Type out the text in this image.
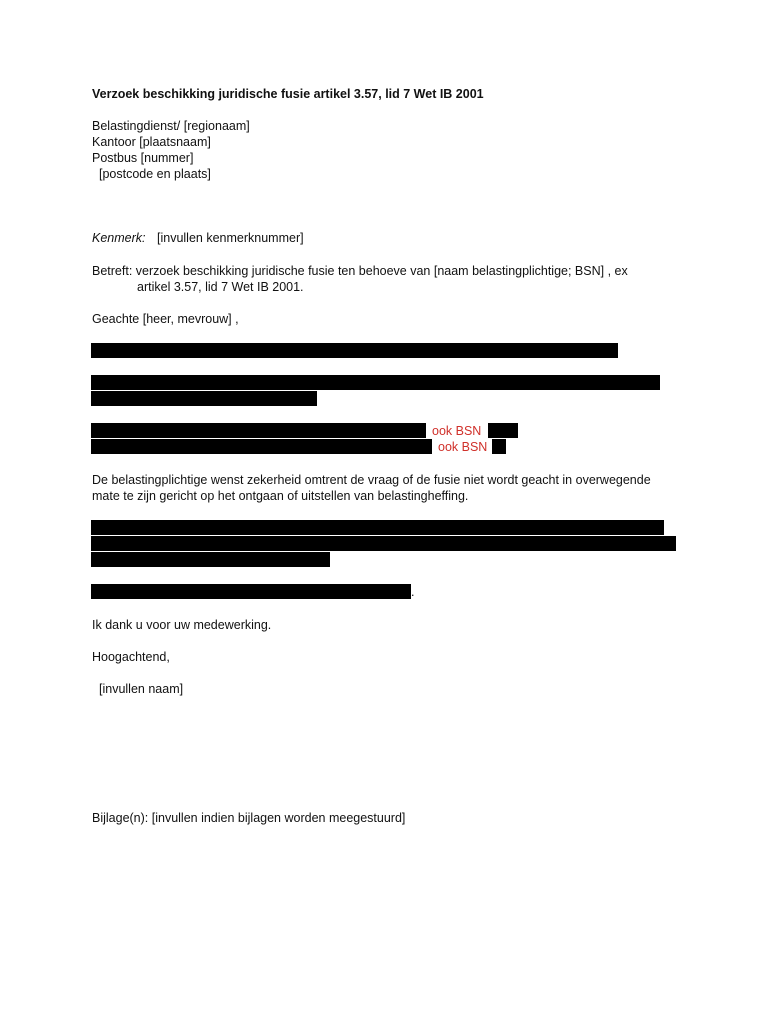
Verzoek beschikking juridische fusie artikel 3.57, lid 7 Wet IB 2001
Belastingdienst/ [regionaam]
Kantoor [plaatsnaam]
Postbus [nummer]
[postcode en plaats]
Kenmerk: [invullen kenmerknummer]
Betreft: verzoek beschikking juridische fusie ten behoeve van [naam belastingplichtige; BSN] , ex
artikel 3.57, lid 7 Wet IB 2001.
Geachte [heer, mevrouw] ,
ook BSN
ook BSN
De belastingplichtige wenst zekerheid omtrent de vraag of de fusie niet wordt geacht in overwegende
mate te zijn gericht op het ontgaan of uitstellen van belastingheffing.
.
Ik dank u voor uw medewerking.
Hoogachtend,
[invullen naam]
Bijlage(n): [invullen indien bijlagen worden meegestuurd]
